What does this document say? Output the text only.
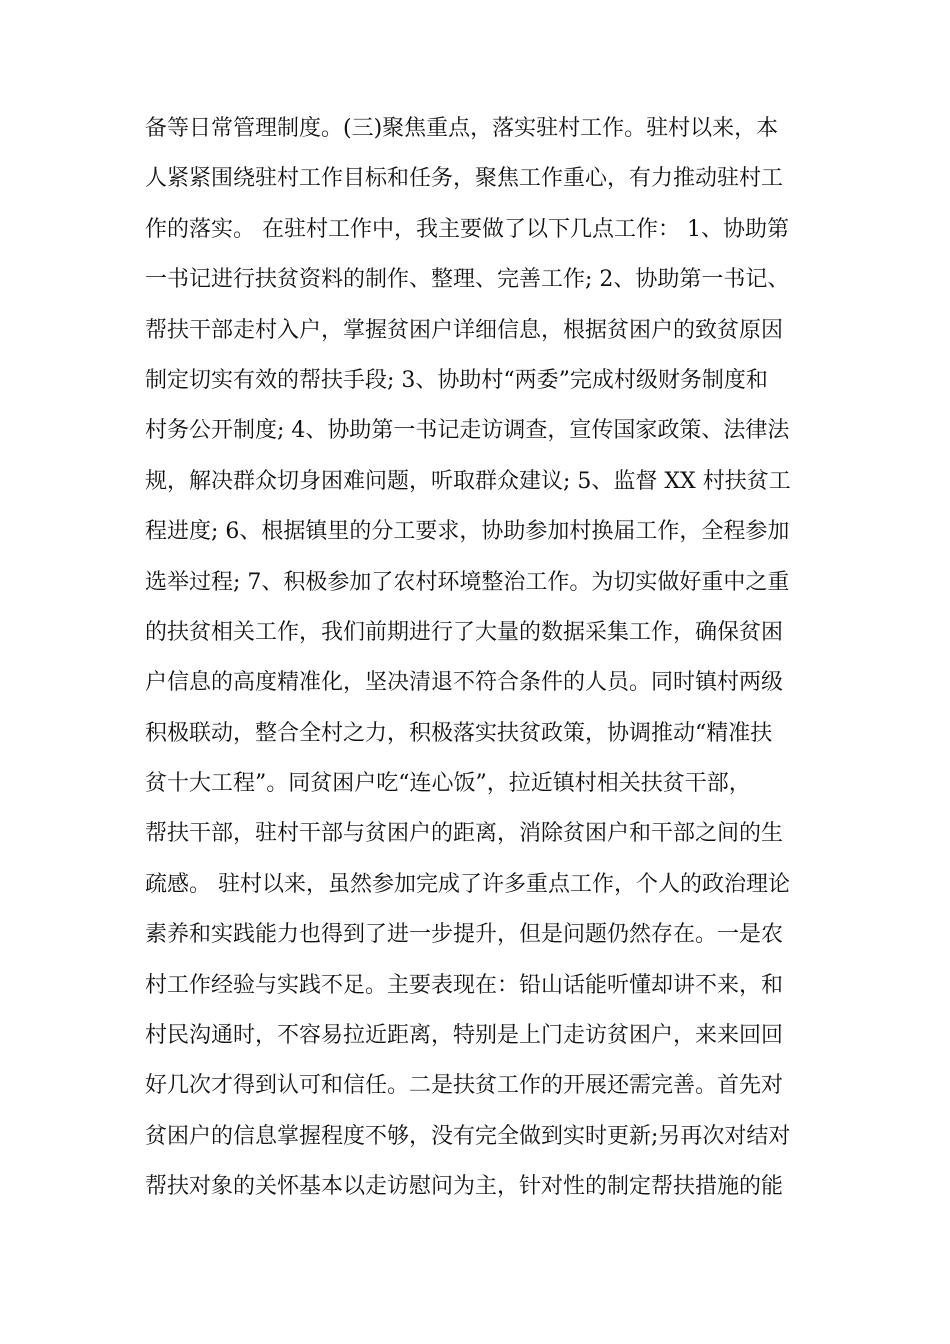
备等日常管理制度。(三)聚焦重点，落实驻村工作。驻村以来，本
人紧紧围绕驻村工作目标和任务，聚焦工作重心，有力推动驻村工
作的落实。 在驻村工作中，我主要做了以下几点工作： 1、协助第
一书记进行扶贫资料的制作、整理、完善工作; 2、协助第一书记、
帮扶干部走村入户，掌握贫困户详细信息，根据贫困户的致贫原因
制定切实有效的帮扶手段; 3、协助村“两委”完成村级财务制度和
村务公开制度; 4、协助第一书记走访调查，宣传国家政策、法律法
规，解决群众切身困难问题，听取群众建议; 5、监督 XX 村扶贫工
程进度; 6、根据镇里的分工要求，协助参加村换届工作，全程参加
选举过程; 7、积极参加了农村环境整治工作。为切实做好重中之重
的扶贫相关工作，我们前期进行了大量的数据采集工作，确保贫困
户信息的高度精准化，坚决清退不符合条件的人员。同时镇村两级
积极联动，整合全村之力，积极落实扶贫政策，协调推动“精准扶
贫十大工程”。同贫困户吃“连心饭”，拉近镇村相关扶贫干部，
帮扶干部，驻村干部与贫困户的距离，消除贫困户和干部之间的生
疏感。 驻村以来，虽然参加完成了许多重点工作，个人的政治理论
素养和实践能力也得到了进一步提升，但是问题仍然存在。一是农
村工作经验与实践不足。主要表现在：铅山话能听懂却讲不来，和
村民沟通时，不容易拉近距离，特别是上门走访贫困户，来来回回
好几次才得到认可和信任。二是扶贫工作的开展还需完善。首先对
贫困户的信息掌握程度不够，没有完全做到实时更新;另再次对结对
帮扶对象的关怀基本以走访慰问为主，针对性的制定帮扶措施的能
